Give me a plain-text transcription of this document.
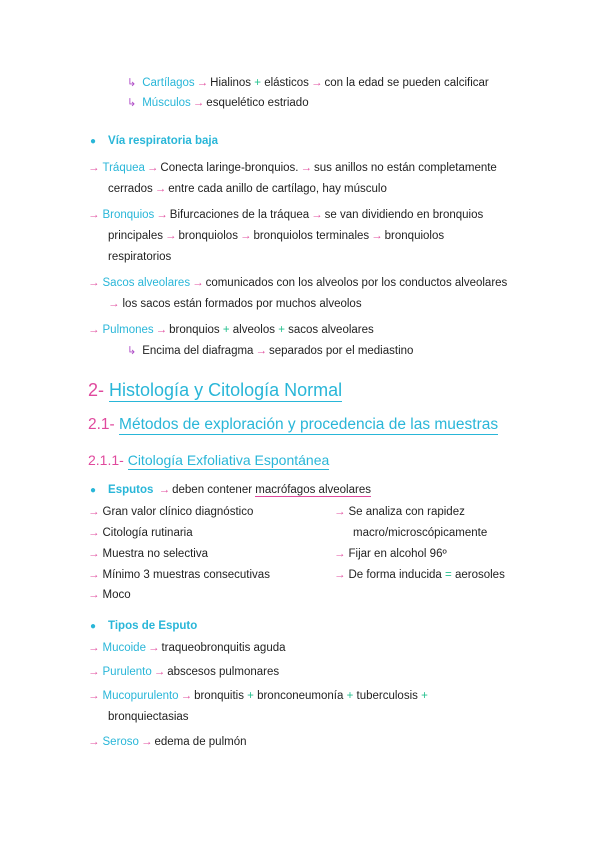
↳ Cartílagos → Hialinos + elásticos → con la edad se pueden calcificar
↳ Músculos → esquelético estriado
● Vía respiratoria baja
→ Tráquea → Conecta laringe-bronquios. → sus anillos no están completamente
cerrados → entre cada anillo de cartílago, hay músculo
→ Bronquios → Bifurcaciones de la tráquea → se van dividiendo en bronquios
principales → bronquiolos → bronquiolos terminales → bronquiolos
respiratorios
→ Sacos alveolares → comunicados con los alveolos por los conductos alveolares
→ los sacos están formados por muchos alveolos
→ Pulmones → bronquios + alveolos + sacos alveolares
↳ Encima del diafragma → separados por el mediastino
2- Histología y Citología Normal
2.1- Métodos de exploración y procedencia de las muestras
2.1.1- Citología Exfoliativa Espontánea
● Esputos → deben contener macrófagos alveolares
→ Gran valor clínico diagnóstico
→ Citología rutinaria
→ Muestra no selectiva
→ Mínimo 3 muestras consecutivas
→ Moco
→ Se analiza con rapidez
macro/microscópicamente
→ Fijar en alcohol 96º
→ De forma inducida = aerosoles
● Tipos de Esputo
→ Mucoide → traqueobronquitis aguda
→ Purulento → abscesos pulmonares
→ Mucopurulento → bronquitis + bronconeumonía + tuberculosis +
bronquiectasias
→ Seroso → edema de pulmón
